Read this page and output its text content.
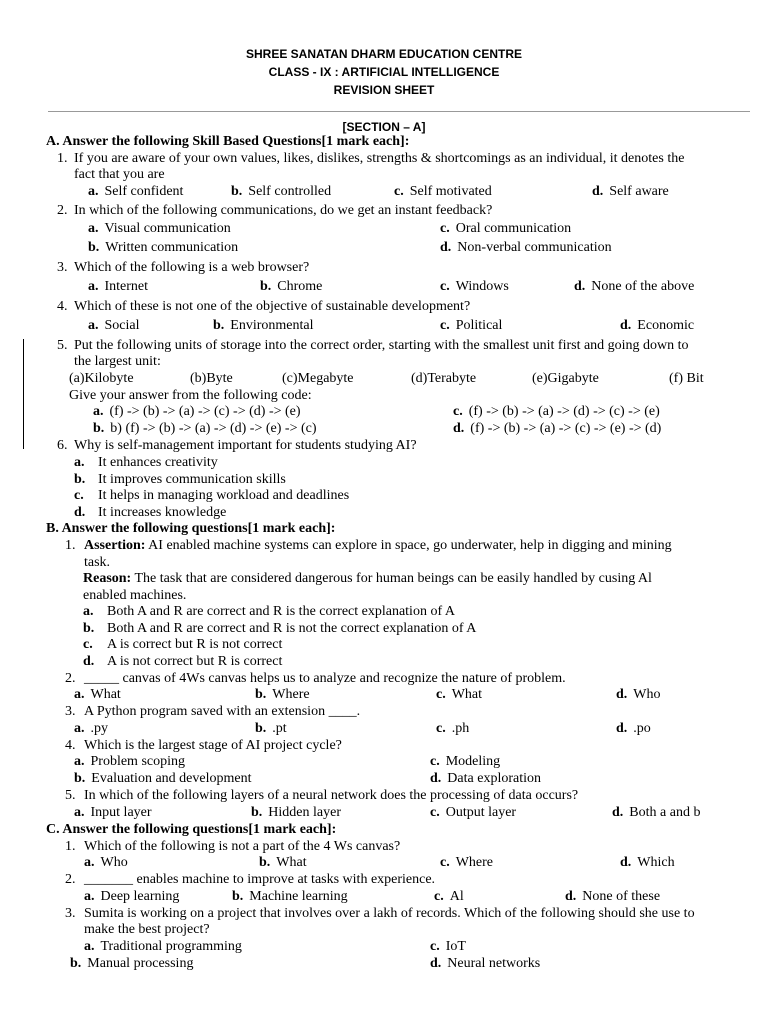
SHREE SANATAN DHARM EDUCATION CENTRE
CLASS - IX : ARTIFICIAL INTELLIGENCE
REVISION SHEET
[SECTION – A]
A. Answer the following Skill Based Questions[1 mark each]:
1. If you are aware of your own values, likes, dislikes, strengths & shortcomings as an individual, it denotes the fact that you are
a. Self confident	b. Self controlled	c. Self motivated	d. Self aware
2. In which of the following communications, do we get an instant feedback?
a. Visual communication	c. Oral communication
b. Written communication	d. Non-verbal communication
3. Which of the following is a web browser?
a. Internet	b. Chrome	c. Windows	d. None of the above
4. Which of these is not one of the objective of sustainable development?
a. Social	b. Environmental	c. Political	d. Economic
5. Put the following units of storage into the correct order, starting with the smallest unit first and going down to the largest unit:
(a)Kilobyte	(b)Byte	(c)Megabyte	(d)Terabyte	(e)Gigabyte	(f) Bit
Give your answer from the following code:
a. (f) -> (b) -> (a) -> (c) -> (d) -> (e)	c. (f) -> (b) -> (a) -> (d) -> (c) -> (e)
b. b) (f) -> (b) -> (a) -> (d) -> (e) -> (c)	d. (f) -> (b) -> (a) -> (c) -> (e) -> (d)
6. Why is self-management important for students studying AI?
a. It enhances creativity
b. It improves communication skills
c. It helps in managing workload and deadlines
d. It increases knowledge
B. Answer the following questions[1 mark each]:
1. Assertion: AI enabled machine systems can explore in space, go underwater, help in digging and mining task.
Reason: The task that are considered dangerous for human beings can be easily handled by cusing Al enabled machines.
a. Both A and R are correct and R is the correct explanation of A
b. Both A and R are correct and R is not the correct explanation of A
c. A is correct but R is not correct
d. A is not correct but R is correct
2. _____ canvas of 4Ws canvas helps us to analyze and recognize the nature of problem.
a. What	b. Where	c. What	d. Who
3. A Python program saved with an extension ____.
a. .py	b. .pt	c. .ph	d. .po
4. Which is the largest stage of AI project cycle?
a. Problem scoping	c. Modeling
b. Evaluation and development	d. Data exploration
5. In which of the following layers of a neural network does the processing of data occurs?
a. Input layer	b. Hidden layer	c. Output layer	d. Both a and b
C. Answer the following questions[1 mark each]:
1. Which of the following is not a part of the 4 Ws canvas?
a. Who	b. What	c. Where	d. Which
2. _______ enables machine to improve at tasks with experience.
a. Deep learning	b. Machine learning	c. Al	d. None of these
3. Sumita is working on a project that involves over a lakh of records. Which of the following should she use to make the best project?
a. Traditional programming	c. IoT
b. Manual processing	d. Neural networks
